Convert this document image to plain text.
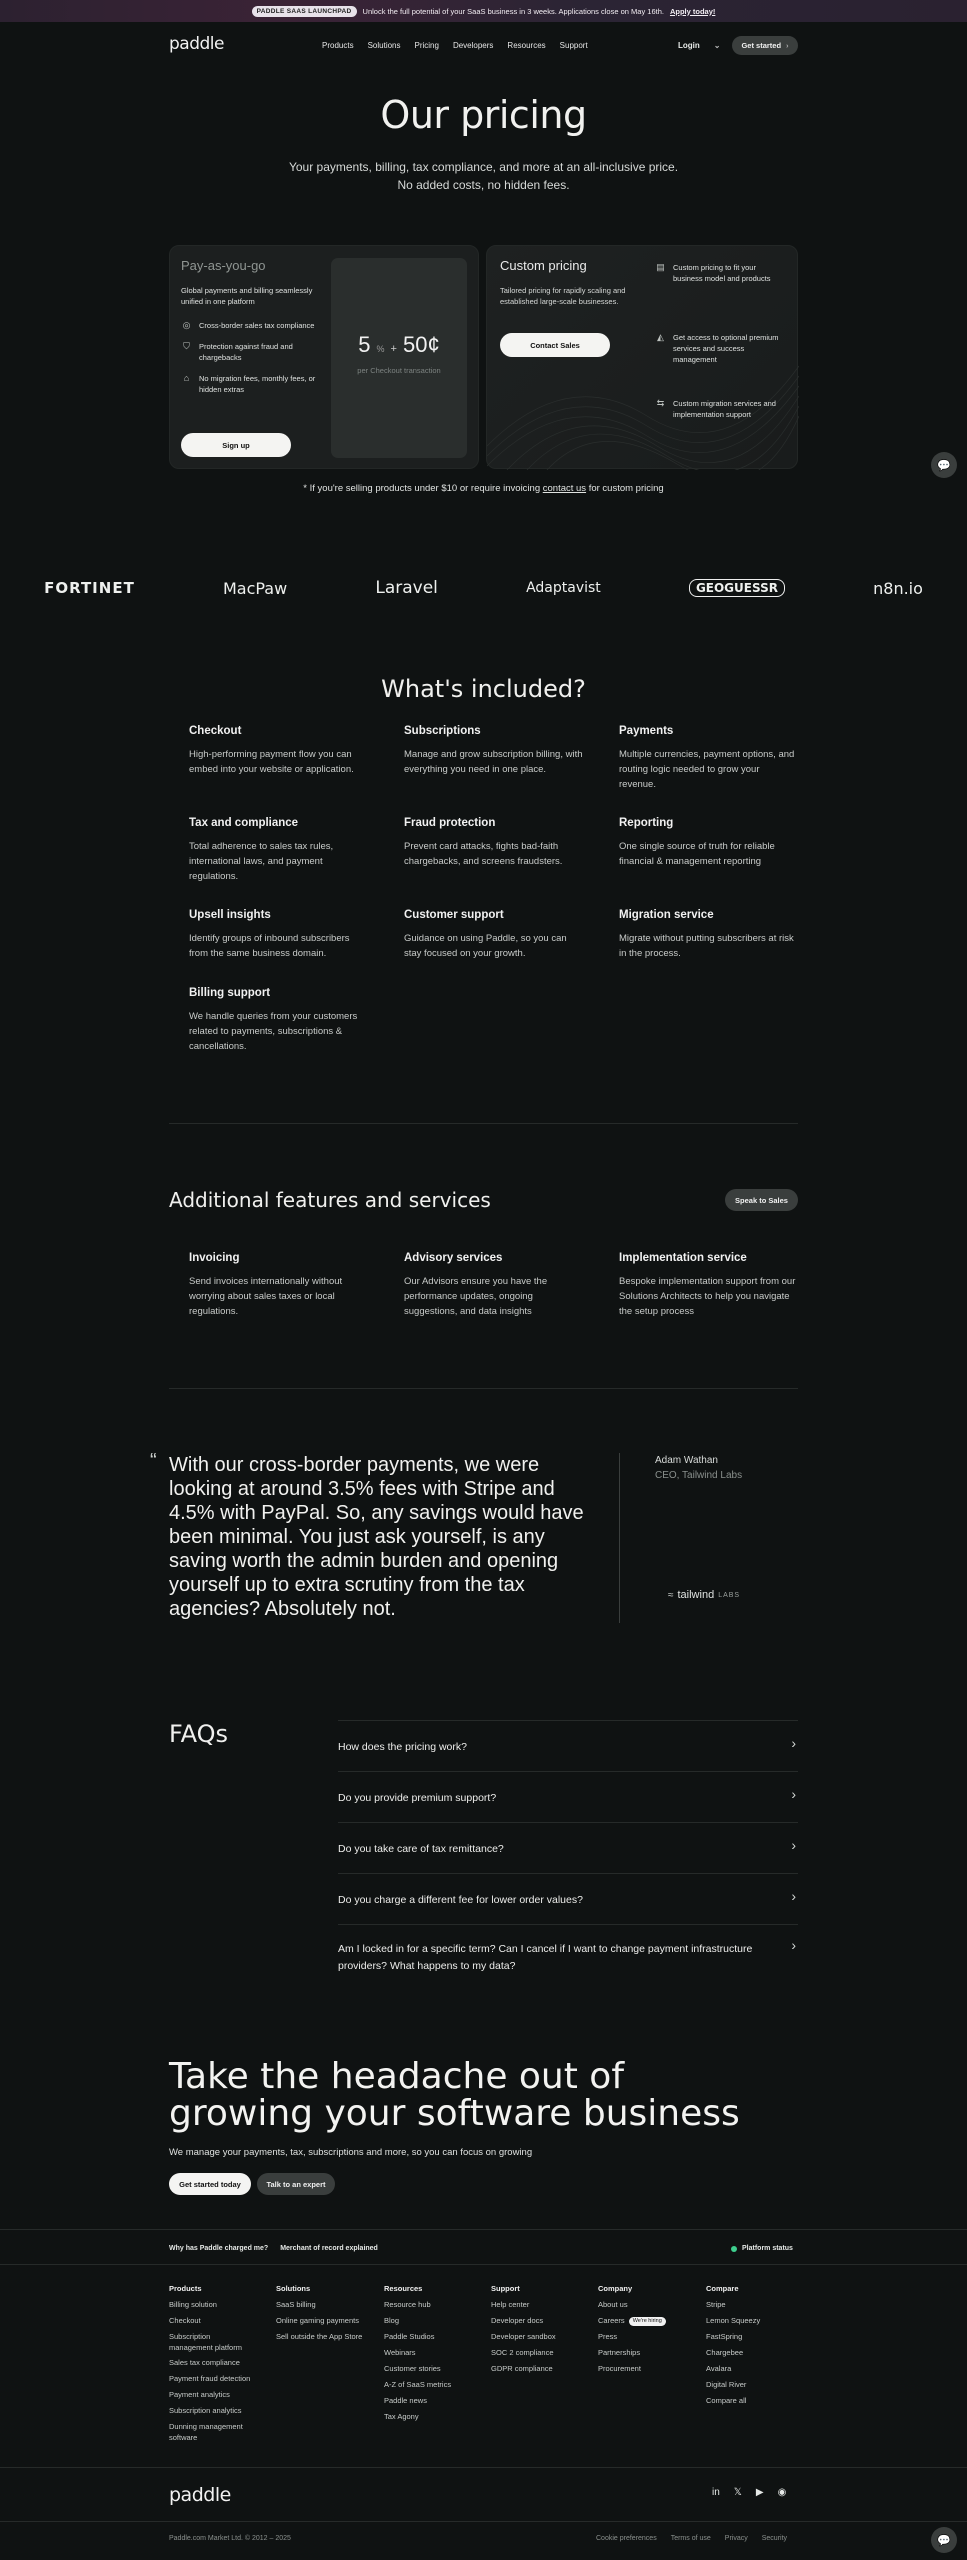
PADDLE SAAS LAUNCHPAD	Unlock the full potential of your SaaS business in 3 weeks. Applications close on May 16th. Apply today!
paddle	Products Solutions Pricing Developers Resources Support	Login ⌄	Get started ›
Our pricing
Your payments, billing, tax compliance, and more at an all-inclusive price.
No added costs, no hidden fees.
Pay-as-you-go
Global payments and billing seamlessly unified in one platform
◎ Cross-border sales tax compliance
⛉ Protection against fraud and chargebacks
⌂	No migration fees, monthly fees, or hidden extras
Sign up
5 % + 50¢
per Checkout transaction
Custom pricing
Tailored pricing for rapidly scaling and established large-scale businesses.
Contact Sales
▤ Custom pricing to fit your business model and products
◭ Get access to optional premium services and success management
⇆ Custom migration services and implementation support
* If you're selling products under $10 or require invoicing contact us for custom pricing
💬
FORTINET	MacPaw	Laravel	Adaptavist	GEOGUESSR	n8n.io
What's included?
Checkout
High-performing payment flow you can embed into your website or application.
Subscriptions
Manage and grow subscription billing, with everything you need in one place.
Payments
Multiple currencies, payment options, and routing logic needed to grow your revenue.
Tax and compliance
Total adherence to sales tax rules, international laws, and payment regulations.
Fraud protection
Prevent card attacks, fights bad-faith chargebacks, and screens fraudsters.
Reporting
One single source of truth for reliable financial & management reporting
Upsell insights
Identify groups of inbound subscribers from the same business domain.
Customer support
Guidance on using Paddle, so you can stay focused on your growth.
Migration service
Migrate without putting subscribers at risk in the process.
Billing support
We handle queries from your customers related to payments, subscriptions & cancellations.
Additional features and services	Speak to Sales
Invoicing
Send invoices internationally without worrying about sales taxes or local regulations.
Advisory services
Our Advisors ensure you have the performance updates, ongoing suggestions, and data insights
Implementation service
Bespoke implementation support from our Solutions Architects to help you navigate the setup process
“ With our cross-border payments, we were looking at around 3.5% fees with Stripe and 4.5% with PayPal. So, any savings would have been minimal. You just ask yourself, is any saving worth the admin burden and opening yourself up to extra scrutiny from the tax agencies? Absolutely not.
Adam Wathan
CEO, Tailwind Labs
≈ tailwind LABS
FAQs	How does the pricing work?	›
Do you provide premium support?	›
Do you take care of tax remittance?	›
Do you charge a different fee for lower order values?	›
Am I locked in for a specific term? Can I cancel if I want to change payment infrastructure providers? What happens to my data?
›
Take the headache out of
growing your software business
We manage your payments, tax, subscriptions and more, so you can focus on growing
Get started today	Talk to an expert
Why has Paddle charged me? Merchant of record explained	Platform status
Products
Billing solution
Checkout
Subscription management platform
Sales tax compliance
Payment fraud detection
Payment analytics
Subscription analytics
Dunning management software
Solutions
SaaS billing
Online gaming payments
Sell outside the App Store
Resources
Resource hub
Blog
Paddle Studios
Webinars
Customer stories
A-Z of SaaS metrics
Paddle news
Tax Agony
Support
Help center
Developer docs
Developer sandbox
SOC 2 compliance
GDPR compliance
Company
About us
Careers	We're hiring
Press
Partnerships
Procurement
Compare
Stripe
Lemon Squeezy
FastSpring
Chargebee
Avalara
Digital River
Compare all
paddle	in 𝕏 ▶ ◉
Paddle.com Market Ltd. © 2012 – 2025	Cookie preferences Terms of use Privacy Security	💬
